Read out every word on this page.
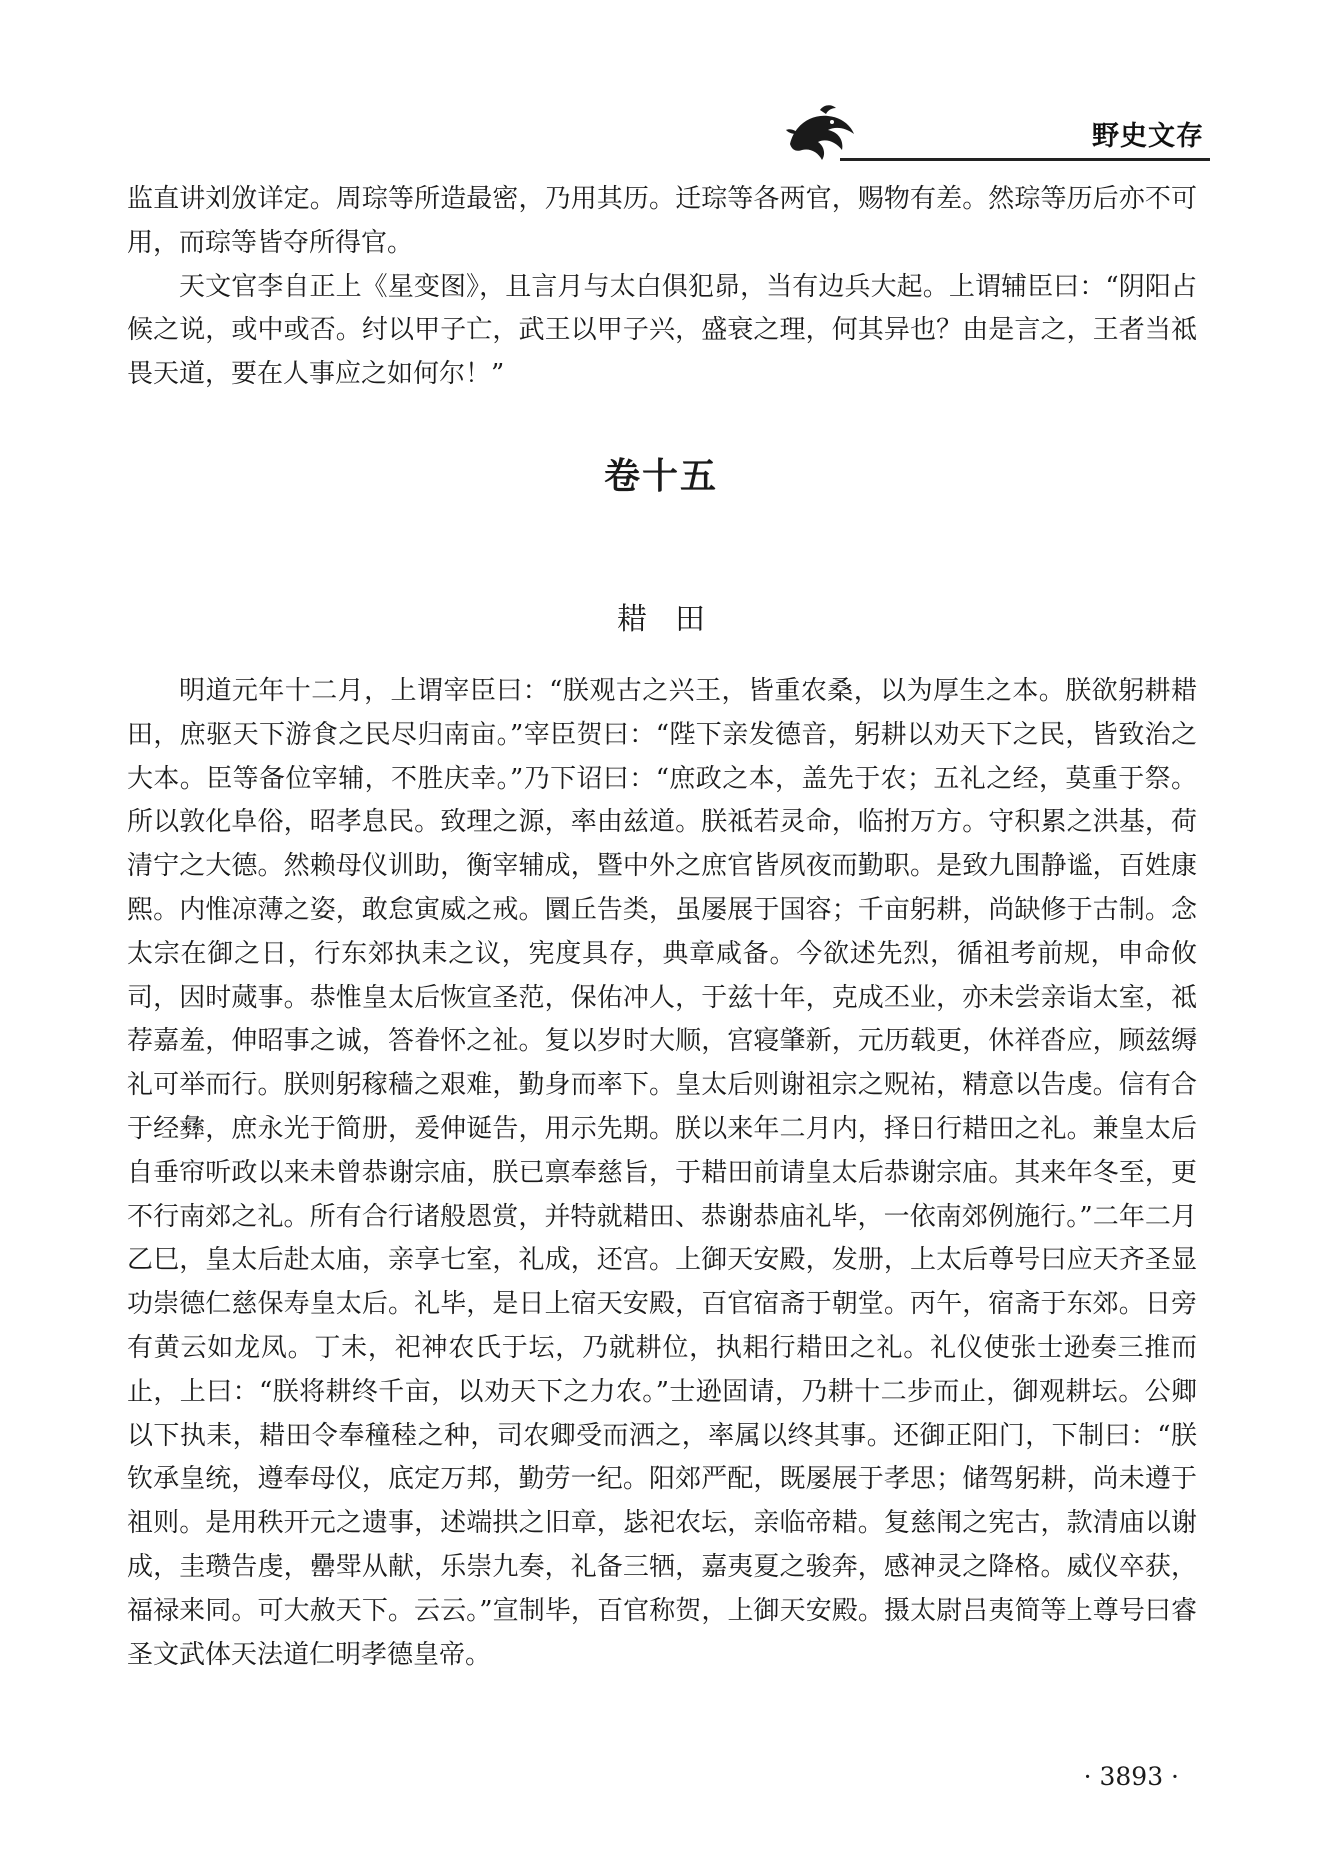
野史文存

监直讲刘攽详定。周琮等所造最密，乃用其历。迁琮等各两官，赐物有差。然琮等历后亦不可用，而琮等皆夺所得官。

天文官李自正上《星变图》，且言月与太白俱犯昴，当有边兵大起。上谓辅臣曰：“阴阳占候之说，或中或否。纣以甲子亡，武王以甲子兴，盛衰之理，何其异也？由是言之，王者当祗畏天道，要在人事应之如何尔！”

卷十五
耤田

明道元年十二月，上谓宰臣曰：“朕观古之兴王，皆重农桑，以为厚生之本。朕欲躬耕耤田，庶驱天下游食之民尽归南亩。”宰臣贺曰：“陛下亲发德音，躬耕以劝天下之民，皆致治之大本。臣等备位宰辅，不胜庆幸。”乃下诏曰：“庶政之本，盖先于农；五礼之经，莫重于祭。所以敦化阜俗，昭孝息民。致理之源，率由兹道。朕祗若灵命，临拊万方。守积累之洪基，荷清宁之大德。然赖母仪训助，衡宰辅成，暨中外之庶官皆夙夜而勤职。是致九围静谧，百姓康熙。内惟凉薄之姿，敢怠寅威之戒。圜丘告类，虽屡展于国容；千亩躬耕，尚缺修于古制。念太宗在御之日，行东郊执耒之议，宪度具存，典章咸备。今欲述先烈，循祖考前规，申命攸司，因时蒇事。恭惟皇太后恢宣圣范，保佑冲人，于兹十年，克成丕业，亦未尝亲诣太室，祗荐嘉羞，伸昭事之诚，答眷怀之祉。复以岁时大顺，宫寝肇新，元历载更，休祥沓应，顾兹缛礼可举而行。朕则躬稼穑之艰难，勤身而率下。皇太后则谢祖宗之贶祐，精意以告虔。信有合于经彝，庶永光于简册，爰伸诞告，用示先期。朕以来年二月内，择日行耤田之礼。兼皇太后自垂帘听政以来未曾恭谢宗庙，朕已禀奉慈旨，于耤田前请皇太后恭谢宗庙。其来年冬至，更不行南郊之礼。所有合行诸般恩赏，并特就耤田、恭谢恭庙礼毕，一依南郊例施行。”二年二月乙巳，皇太后赴太庙，亲享七室，礼成，还宫。上御天安殿，发册，上太后尊号曰应天齐圣显功崇德仁慈保寿皇太后。礼毕，是日上宿天安殿，百官宿斋于朝堂。丙午，宿斋于东郊。日旁有黄云如龙凤。丁未，祀神农氏于坛，乃就耕位，执耜行耤田之礼。礼仪使张士逊奏三推而止，上曰：“朕将耕终千亩，以劝天下之力农。”士逊固请，乃耕十二步而止，御观耕坛。公卿以下执耒，耤田令奉穜稑之种，司农卿受而洒之，率属以终其事。还御正阳门，下制曰：“朕钦承皇统，遵奉母仪，底定万邦，勤劳一纪。阳郊严配，既屡展于孝思；储驾躬耕，尚未遵于祖则。是用秩开元之遗事，述端拱之旧章，毖祀农坛，亲临帝耤。复慈闱之宪古，款清庙以谢成，圭瓒告虔，罍斝从献，乐崇九奏，礼备三牺，嘉夷夏之骏奔，感神灵之降格。威仪卒获，福禄来同。可大赦天下。云云。”宣制毕，百官称贺，上御天安殿。摄太尉吕夷简等上尊号曰睿圣文武体天法道仁明孝德皇帝。

· 3893 ·
